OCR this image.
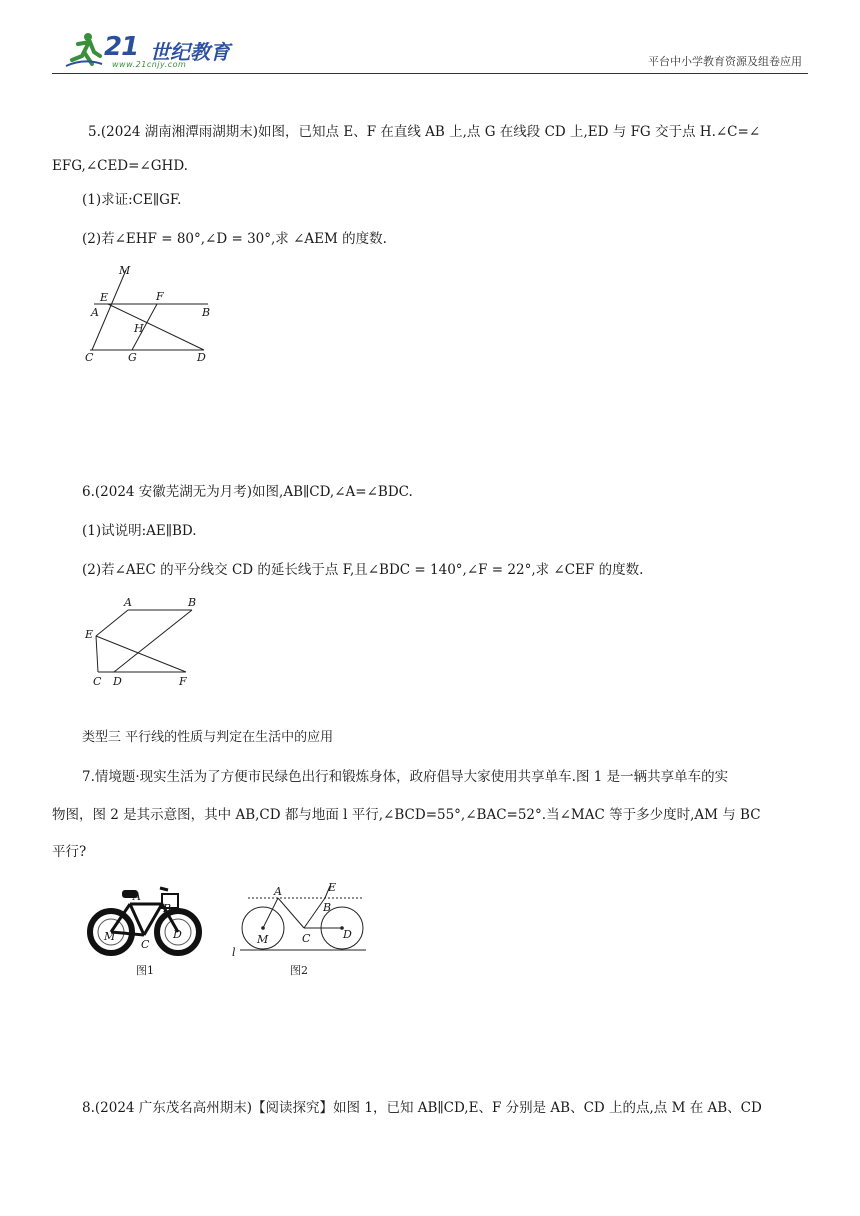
21 世纪教育
www.21cnjy.com	平台中小学教育资源及组卷应用
5.(2024 湖南湘潭雨湖期末)如图，已知点 E、F 在直线 AB 上,点 G 在线段 CD 上,ED 与 FG 交于点 H.∠C=∠
EFG,∠CED=∠GHD.
(1)求证:CE∥GF.
(2)若∠EHF = 80°,∠D = 30°,求 ∠AEM 的度数.
M
E	F
A	B
H
C	G	D
6.(2024 安徽芜湖无为月考)如图,AB∥CD,∠A=∠BDC.
(1)试说明:AE∥BD.
(2)若∠AEC 的平分线交 CD 的延长线于点 F,且∠BDC = 140°,∠F = 22°,求 ∠CEF 的度数.
A	B
E
C D	F
类型三 平行线的性质与判定在生活中的应用
7.情境题·现实生活为了方便市民绿色出行和锻炼身体，政府倡导大家使用共享单车.图 1 是一辆共享单车的实
物图，图 2 是其示意图，其中 AB,CD 都与地面 l 平行,∠BCD=55°,∠BAC=52°.当∠MAC 等于多少度时,AM 与 BC
平行?
A
B
C
M	D
图1
A	E
B
M	C	D
l
图2
8.(2024 广东茂名高州期末)【阅读探究】如图 1，已知 AB∥CD,E、F 分别是 AB、CD 上的点,点 M 在 AB、CD
